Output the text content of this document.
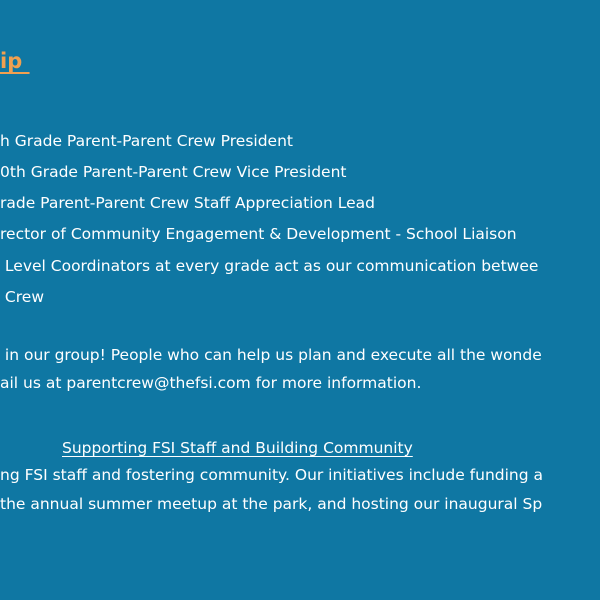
ip
h Grade Parent-Parent Crew President
0th Grade Parent-Parent Crew Vice President
rade Parent-Parent Crew Staff Appreciation Lead
rector of Community Engagement & Development - School Liaison
Level Coordinators at every grade act as our communication betwee
Crew
in our group! People who can help us plan and execute all the wonde
ail us at parentcrew@thefsi.com for more information.
Supporting FSI Staff and Building Community
ng FSI staff and fostering community. Our initiatives include funding a
the annual summer meetup at the park, and hosting our inaugural Sp
